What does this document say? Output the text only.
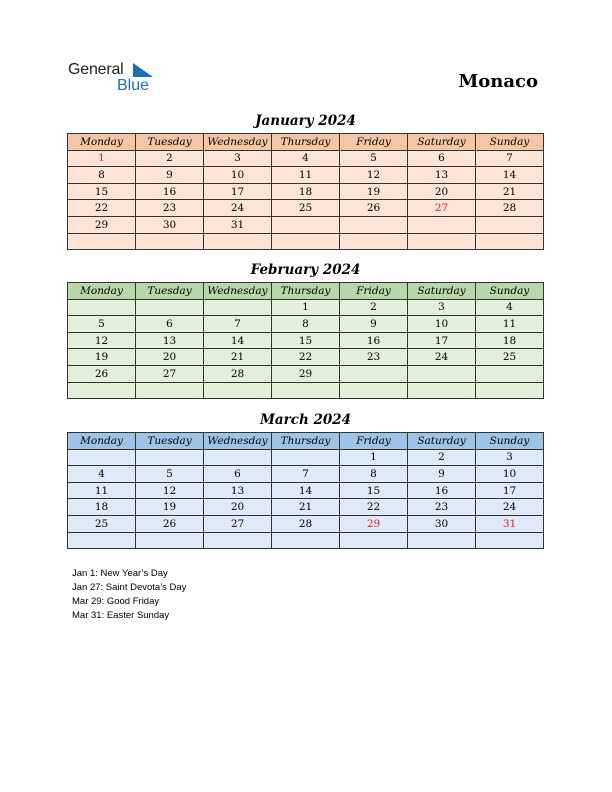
General
Blue	Monaco
January 2024
Monday	Tuesday	Wednesday	Thursday	Friday	Saturday	Sunday
1	2	3	4	5	6	7
8	9	10	11	12	13	14
15	16	17	18	19	20	21
22	23	24	25	26	27	28
29	30	31				

February 2024
Monday	Tuesday	Wednesday	Thursday	Friday	Saturday	Sunday
			1	2	3	4
5	6	7	8	9	10	11
12	13	14	15	16	17	18
19	20	21	22	23	24	25
26	27	28	29			

March 2024
Monday	Tuesday	Wednesday	Thursday	Friday	Saturday	Sunday
				1	2	3
4	5	6	7	8	9	10
11	12	13	14	15	16	17
18	19	20	21	22	23	24
25	26	27	28	29	30	31

Jan 1: New Year’s Day
Jan 27: Saint Devota’s Day
Mar 29: Good Friday
Mar 31: Easter Sunday
